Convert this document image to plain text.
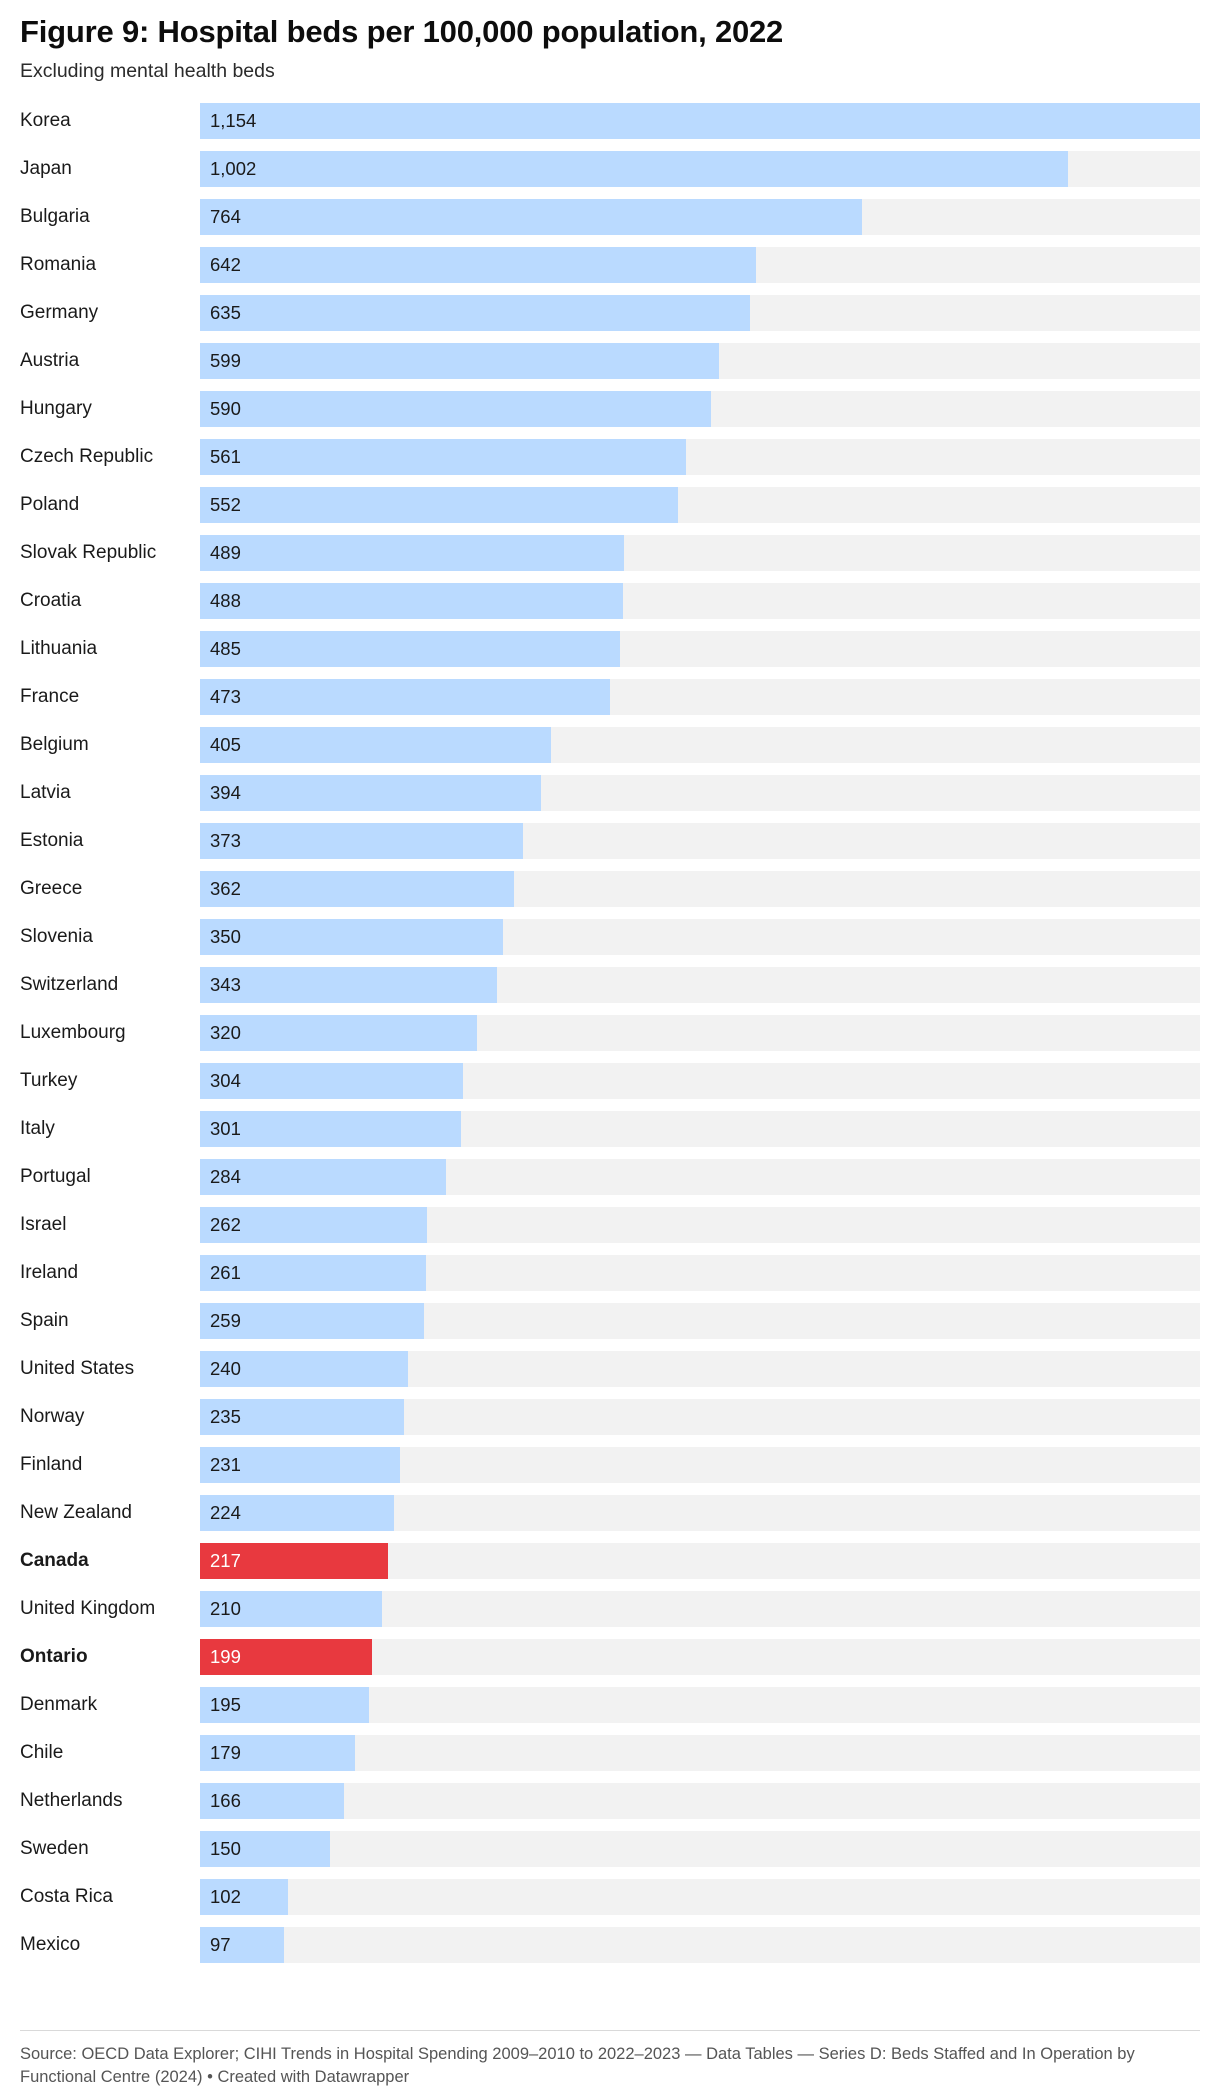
Figure 9: Hospital beds per 100,000 population, 2022
Excluding mental health beds
Korea	1,154
Japan	1,002
Bulgaria	764
Romania	642
Germany	635
Austria	599
Hungary	590
Czech Republic	561
Poland	552
Slovak Republic	489
Croatia	488
Lithuania	485
France	473
Belgium	405
Latvia	394
Estonia	373
Greece	362
Slovenia	350
Switzerland	343
Luxembourg	320
Turkey	304
Italy	301
Portugal	284
Israel	262
Ireland	261
Spain	259
United States	240
Norway	235
Finland	231
New Zealand	224
Canada	217
United Kingdom	210
Ontario	199
Denmark	195
Chile	179
Netherlands	166
Sweden	150
Costa Rica	102
Mexico	97
Source: OECD Data Explorer; CIHI Trends in Hospital Spending 2009–2010 to 2022–2023 — Data Tables — Series D: Beds Staffed and In Operation by Functional Centre (2024) • Created with Datawrapper
